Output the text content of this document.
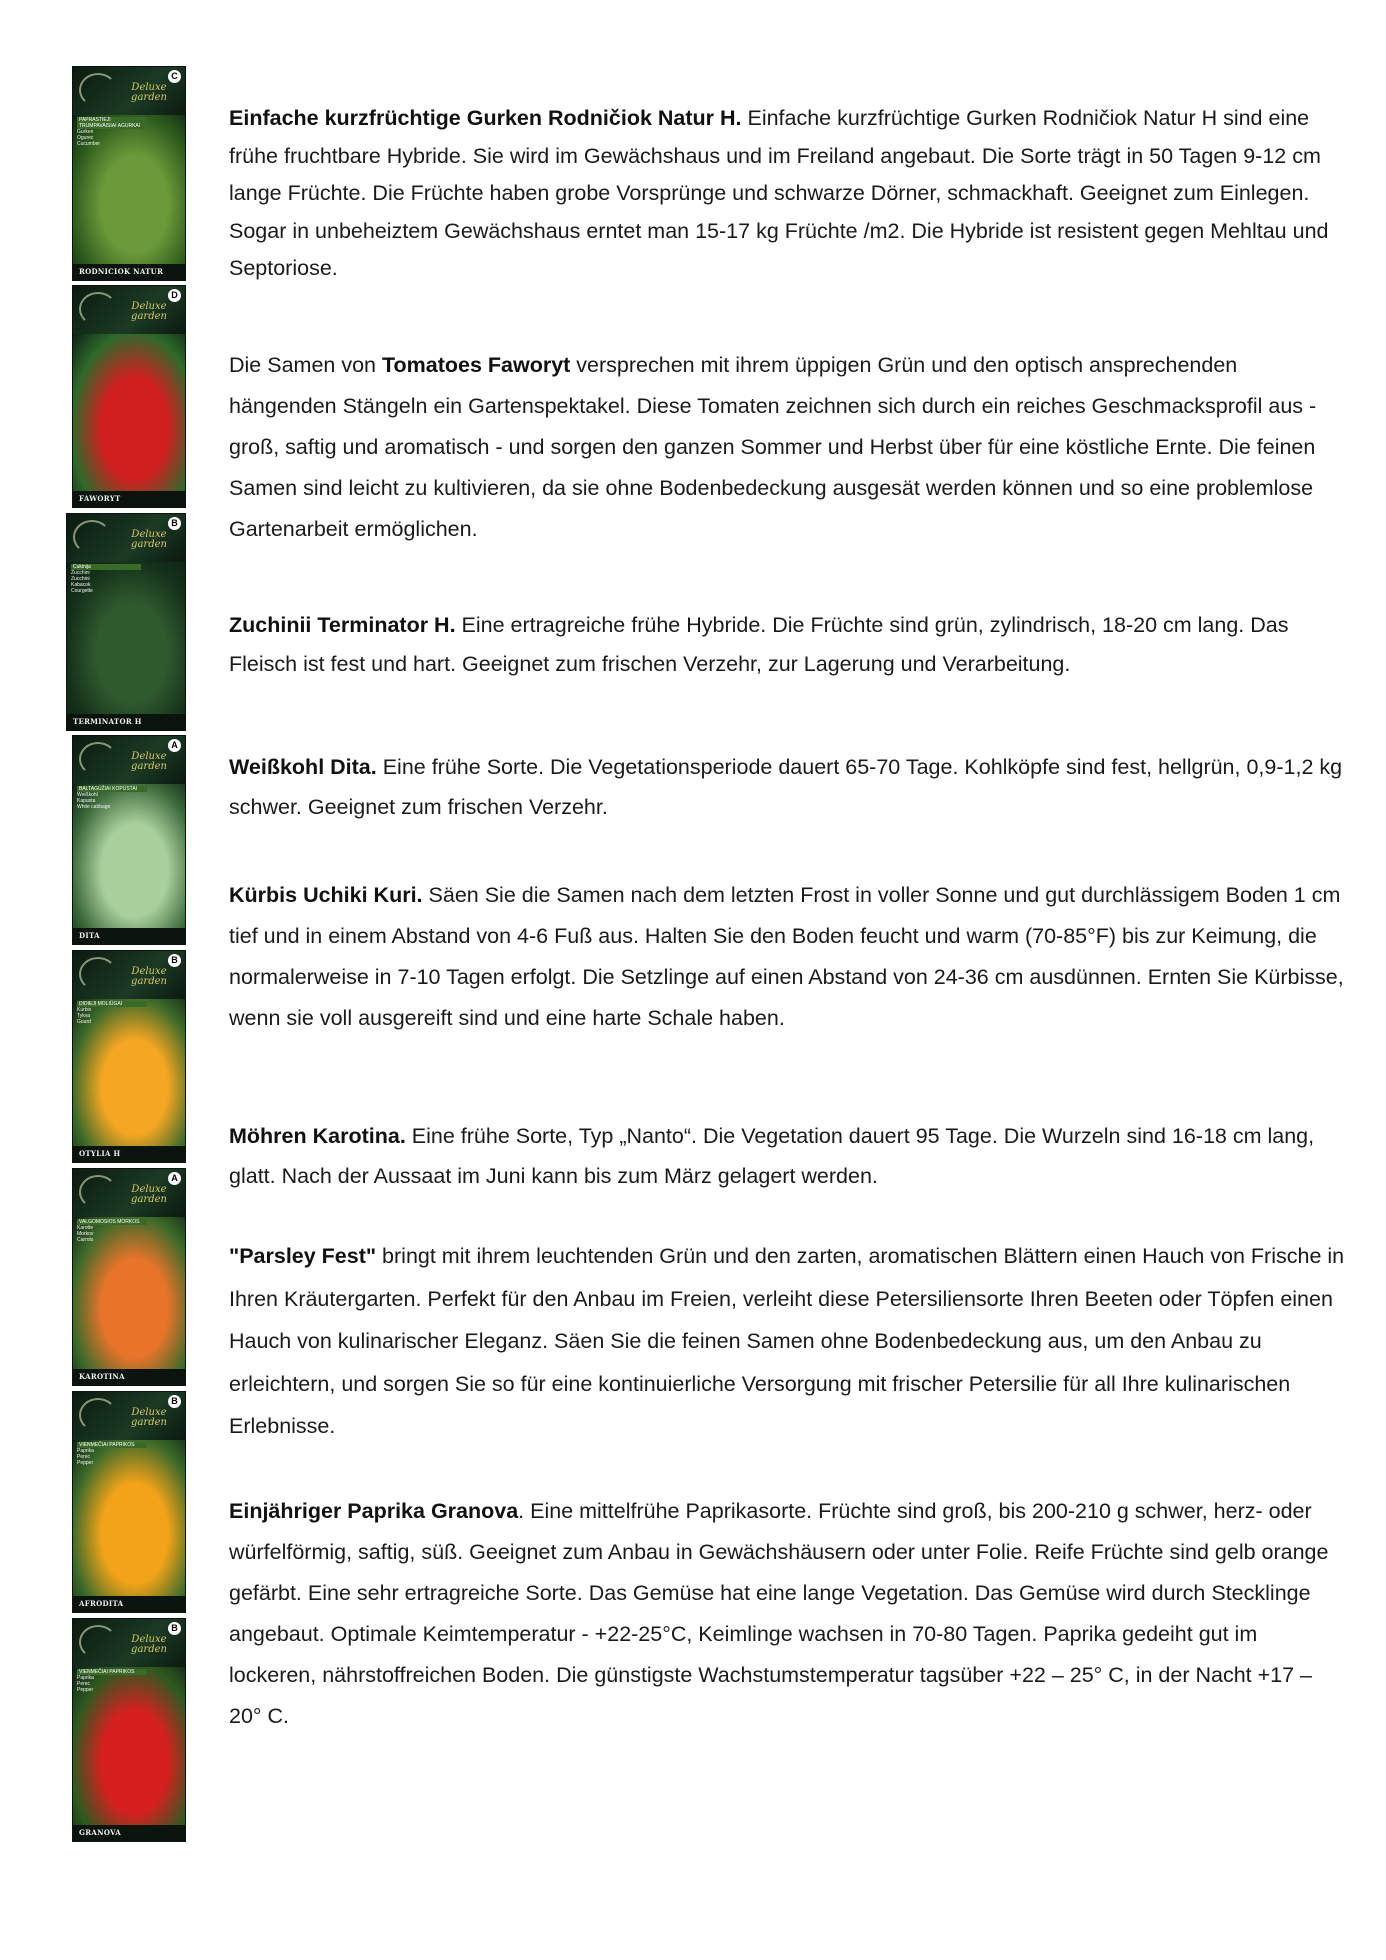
Deluxe garden
C
PAPRASTIEJI TRUMPAVAISIAI AGURKAI
Gurken
Ogurec
Cucumber
RODNICIOK NATUR
Deluxe garden
D
FAWORYT
Deluxe garden
B
Cukinija
Zucchini
Zucchini
Kabacok
Courgette
TERMINATOR H
Deluxe garden
A
BALTAGŪŽIAI KOPŪSTAI
Weißkohl
Kapusta
White cabbage
DITA
Deluxe garden
B
DIDIEJI MOLIŪGAI
Kürbis
Tykva
Gourd
OTYLIA H
Deluxe garden
A
VALGOMOSIOS MORKOS
Karotte
Morkov
Carrots
KAROTINA
Deluxe garden
B
VIENMEČIAI PAPRIKOS
Paprika
Perec
Pepper
AFRODITA
Deluxe garden
B
VIENMEČIAI PAPRIKOS
Paprika
Perec
Pepper
GRANOVA

Einfache kurzfrüchtige Gurken Rodničiok Natur H. Einfache kurzfrüchtige Gurken Rodničiok Natur H sind eine frühe fruchtbare Hybride. Sie wird im Gewächshaus und im Freiland angebaut. Die Sorte trägt in 50 Tagen 9-12 cm lange Früchte. Die Früchte haben grobe Vorsprünge und schwarze Dörner, schmackhaft. Geeignet zum Einlegen. Sogar in unbeheiztem Gewächshaus erntet man 15-17 kg Früchte /m2. Die Hybride ist resistent gegen Mehltau und Septoriose.

Die Samen von Tomatoes Faworyt versprechen mit ihrem üppigen Grün und den optisch ansprechenden hängenden Stängeln ein Gartenspektakel. Diese Tomaten zeichnen sich durch ein reiches Geschmacksprofil aus - groß, saftig und aromatisch - und sorgen den ganzen Sommer und Herbst über für eine köstliche Ernte. Die feinen Samen sind leicht zu kultivieren, da sie ohne Bodenbedeckung ausgesät werden können und so eine problemlose Gartenarbeit ermöglichen.

Zuchinii Terminator H. Eine ertragreiche frühe Hybride. Die Früchte sind grün, zylindrisch, 18-20 cm lang. Das Fleisch ist fest und hart. Geeignet zum frischen Verzehr, zur Lagerung und Verarbeitung.

Weißkohl Dita. Eine frühe Sorte. Die Vegetationsperiode dauert 65-70 Tage. Kohlköpfe sind fest, hellgrün, 0,9-1,2 kg schwer. Geeignet zum frischen Verzehr.

Kürbis Uchiki Kuri. Säen Sie die Samen nach dem letzten Frost in voller Sonne und gut durchlässigem Boden 1 cm tief und in einem Abstand von 4-6 Fuß aus. Halten Sie den Boden feucht und warm (70-85°F) bis zur Keimung, die normalerweise in 7-10 Tagen erfolgt. Die Setzlinge auf einen Abstand von 24-36 cm ausdünnen. Ernten Sie Kürbisse, wenn sie voll ausgereift sind und eine harte Schale haben.

Möhren Karotina. Eine frühe Sorte, Typ „Nanto“. Die Vegetation dauert 95 Tage. Die Wurzeln sind 16-18 cm lang, glatt. Nach der Aussaat im Juni kann bis zum März gelagert werden.

"Parsley Fest" bringt mit ihrem leuchtenden Grün und den zarten, aromatischen Blättern einen Hauch von Frische in Ihren Kräutergarten. Perfekt für den Anbau im Freien, verleiht diese Petersiliensorte Ihren Beeten oder Töpfen einen Hauch von kulinarischer Eleganz. Säen Sie die feinen Samen ohne Bodenbedeckung aus, um den Anbau zu erleichtern, und sorgen Sie so für eine kontinuierliche Versorgung mit frischer Petersilie für all Ihre kulinarischen Erlebnisse.

Einjähriger Paprika Granova. Eine mittelfrühe Paprikasorte. Früchte sind groß, bis 200-210 g schwer, herz- oder würfelförmig, saftig, süß. Geeignet zum Anbau in Gewächshäusern oder unter Folie. Reife Früchte sind gelb orange gefärbt. Eine sehr ertragreiche Sorte. Das Gemüse hat eine lange Vegetation. Das Gemüse wird durch Stecklinge angebaut. Optimale Keimtemperatur - +22-25°C, Keimlinge wachsen in 70-80 Tagen. Paprika gedeiht gut im lockeren, nährstoffreichen Boden. Die günstigste Wachstumstemperatur tagsüber +22 – 25° C, in der Nacht +17 – 20° C.
